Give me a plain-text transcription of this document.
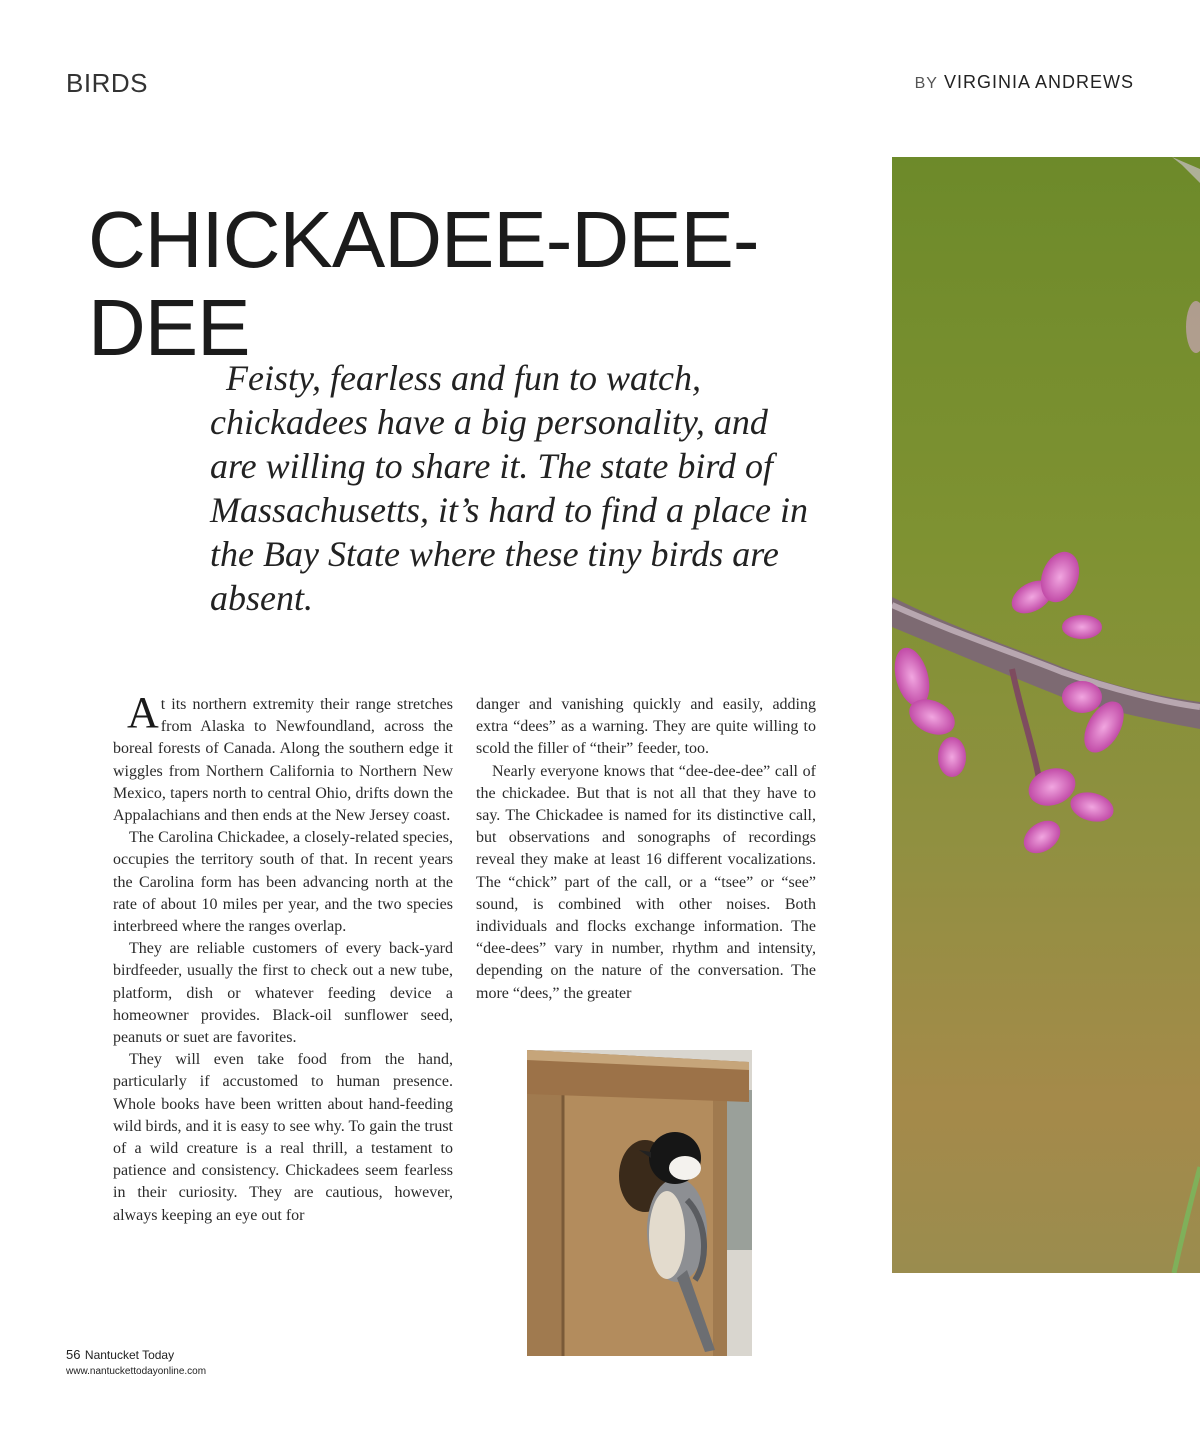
BIRDS	BY VIRGINIA ANDREWS
CHICKADEE-DEE-DEE

Feisty, fearless and fun to watch, chickadees have a big personality, and are willing to share it. The state bird of Massachusetts, it’s hard to find a place in the Bay State where these tiny birds are absent.

At its northern extremity their range stretches from Alaska to Newfoundland, across the boreal forests of Canada. Along the southern edge it wiggles from Northern California to Northern New Mexico, tapers north to central Ohio, drifts down the Appalachians and then ends at the New Jersey coast.

The Carolina Chickadee, a closely-related species, occupies the territory south of that. In recent years the Carolina form has been advancing north at the rate of about 10 miles per year, and the two species interbreed where the ranges overlap.

They are reliable customers of every back-yard birdfeeder, usually the first to check out a new tube, platform, dish or whatever feeding device a homeowner provides. Black-oil sunflower seed, peanuts or suet are favorites.

They will even take food from the hand, particularly if accustomed to human presence. Whole books have been written about hand-feeding wild birds, and it is easy to see why. To gain the trust of a wild creature is a real thrill, a testament to patience and consistency. Chickadees seem fearless in their curiosity. They are cautious, however, always keeping an eye out for

danger and vanishing quickly and easily, adding extra “dees” as a warning. They are quite willing to scold the filler of “their” feeder, too.

Nearly everyone knows that “dee-dee-dee” call of the chickadee. But that is not all that they have to say. The Chickadee is named for its distinctive call, but observations and sonographs of recordings reveal they make at least 16 different vocalizations. The “chick” part of the call, or a “tsee” or “see” sound, is combined with other noises. Both individuals and flocks exchange information. The “dee-dees” vary in number, rhythm and intensity, depending on the nature of the conversation. The more “dees,” the greater

56 Nantucket Today
www.nantuckettodayonline.com
